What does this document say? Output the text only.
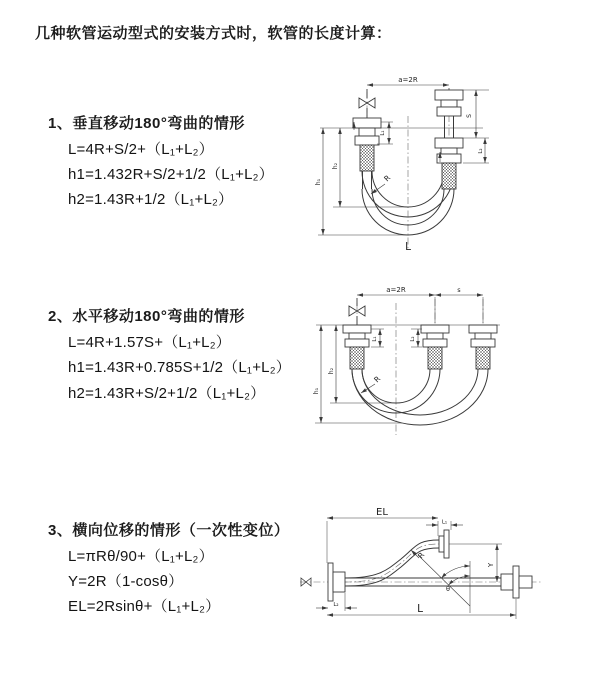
几种软管运动型式的安装方式时，软管的长度计算：
1、垂直移动180°弯曲的情形
L=4R+S/2+（L₁+L₂）
h1=1.432R+S/2+1/2（L₁+L₂）
h2=1.43R+1/2（L₁+L₂）
2、水平移动180°弯曲的情形
L=4R+1.57S+（L₁+L₂）
h1=1.43R+0.785S+1/2（L₁+L₂）
h2=1.43R+S/2+1/2（L₁+L₂）
3、横向位移的情形（一次性变位）
L=πRθ/90+（L₁+L₂）
Y=2R（1-cosθ）
EL=2Rsinθ+（L₁+L₂）
a=2R
S
L₂
L₁
h₂
h₁	R
L
a=2R	s
h₂
h₁
L₁	L₂
R
EL
L₁
Y
L
L₂
R
θ
